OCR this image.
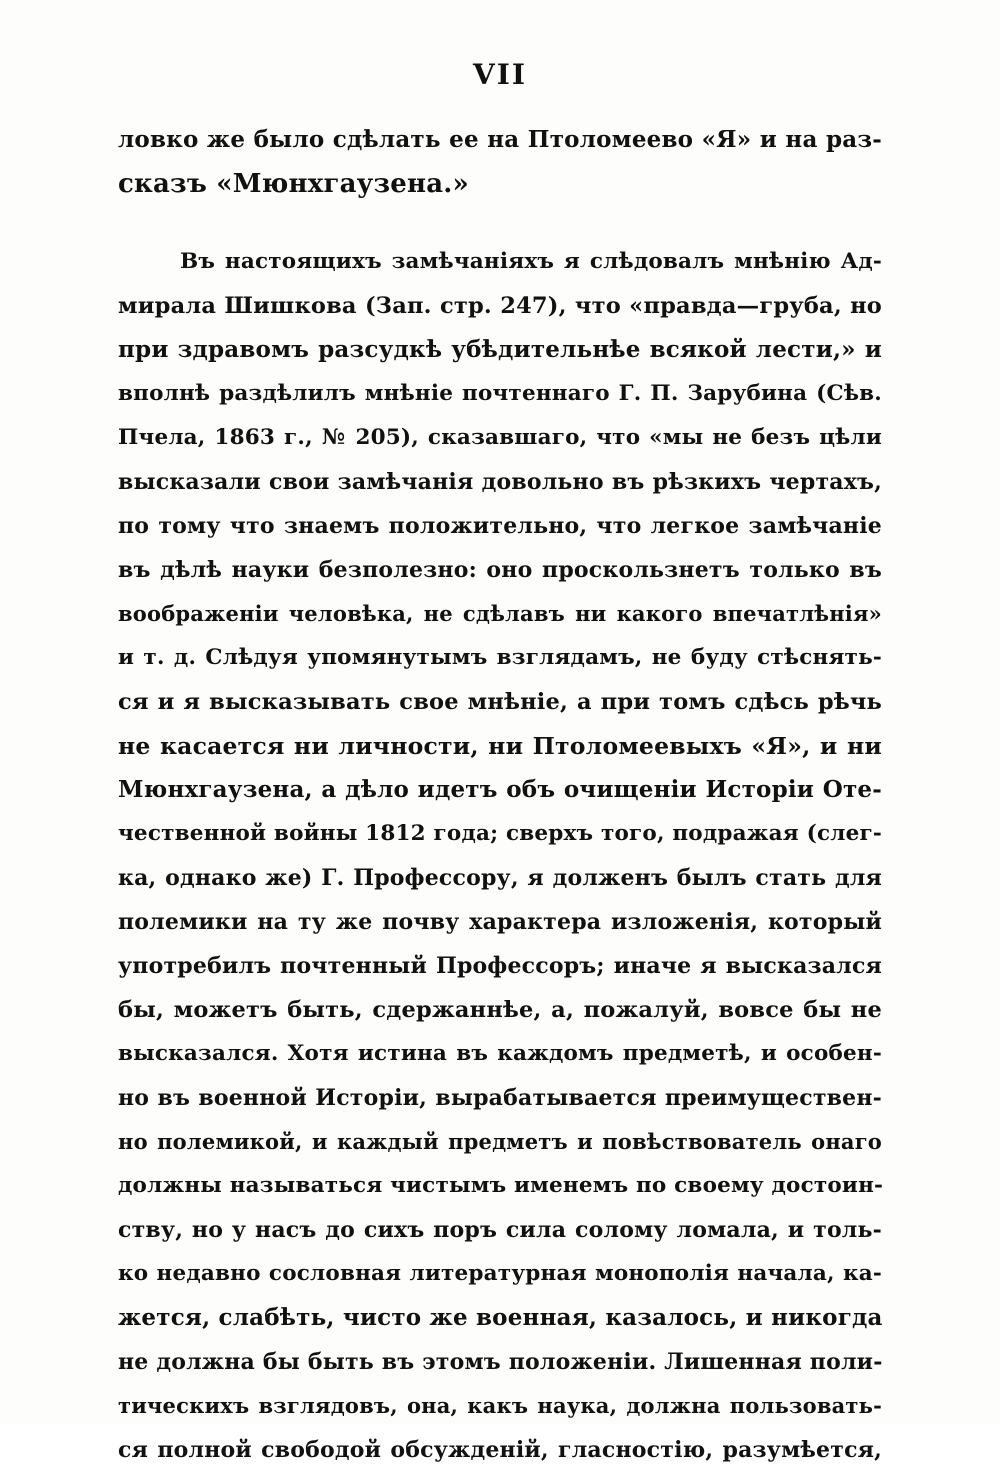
VII
ловко же было сдѣлать ее на Птоломеево «Я» и на раз-
сказъ «Мюнхгаузена.»
Въ настоящихъ замѣчаніяхъ я слѣдовалъ мнѣнію Ад-
мирала Шишкова (Зап. стр. 247), что «правда—груба, но
при здравомъ разсудкѣ убѣдительнѣе всякой лести,» и
вполнѣ раздѣлилъ мнѣніе почтеннаго Г. П. Зарубина (Сѣв.
Пчела, 1863 г., № 205), сказавшаго, что «мы не безъ цѣли
высказали свои замѣчанія довольно въ рѣзкихъ чертахъ,
по тому что знаемъ положительно, что легкое замѣчаніе
въ дѣлѣ науки безполезно: оно проскользнетъ только въ
воображеніи человѣка, не сдѣлавъ ни какого впечатлѣнія»
и т. д. Слѣдуя упомянутымъ взглядамъ, не буду стѣснять-
ся и я высказывать свое мнѣніе, а при томъ сдѣсь рѣчь
не касается ни личности, ни Птоломеевыхъ «Я», и ни
Мюнхгаузена, а дѣло идетъ объ очищеніи Исторіи Оте-
чественной войны 1812 года; сверхъ того, подражая (слег-
ка, однако же) Г. Професcору, я долженъ былъ стать для
полемики на ту же почву характера изложенія, который
употребилъ почтенный Профессоръ; иначе я высказался
бы, можетъ быть, сдержаннѣе, а, пожалуй, вовсе бы не
высказался. Хотя истина въ каждомъ предметѣ, и особен-
но въ военной Исторіи, вырабатывается преимуществен-
но полемикой, и каждый предметъ и повѣствователь онаго
должны называться чистымъ именемъ по своему достоин-
ству, но у насъ до сихъ поръ сила солому ломала, и толь-
ко недавно сословная литературная монополія начала, ка-
жется, слабѣть, чисто же военная, казалось, и никогда
не должна бы быть въ этомъ положеніи. Лишенная поли-
тическихъ взглядовъ, она, какъ наука, должна пользовать-
ся полной свободой обсужденій, гласностію, разумѣется,
